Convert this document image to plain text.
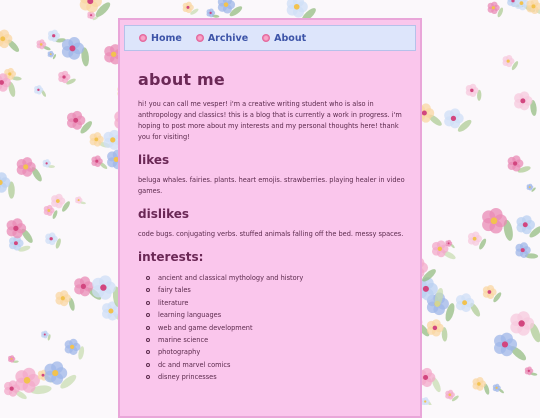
Home	Archive	About
about me

hi! you can call me vesper! i'm a creative writing student who is also in anthropology and classics! this is a blog that is currently a work in progress. i'm hoping to post more about my interests and my personal thoughts here! thank you for visiting!

likes

beluga whales. fairies. plants. heart emojis. strawberries. playing healer in video games.

dislikes

code bugs. conjugating verbs. stuffed animals falling off the bed. messy spaces.

interests:
ancient and classical mythology and history
fairy tales
literature
learning languages
web and game development
marine science
photography
dc and marvel comics
disney princesses
